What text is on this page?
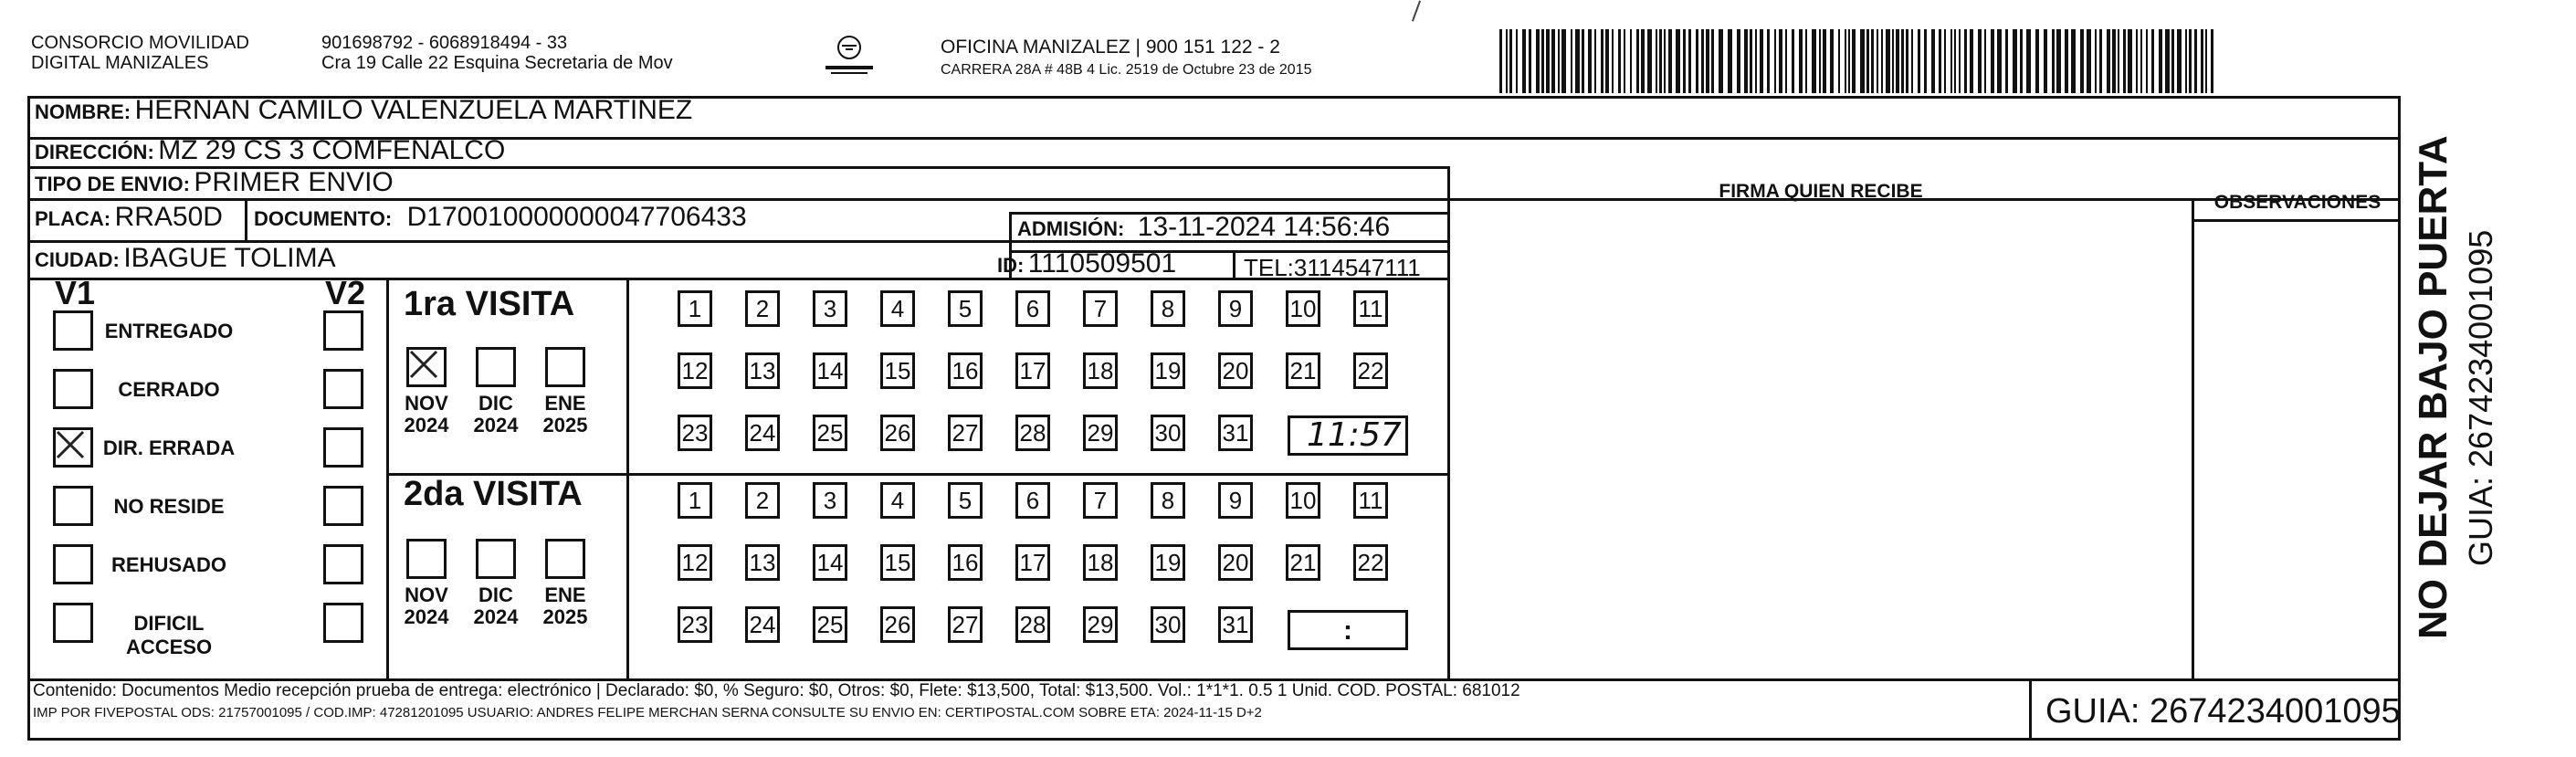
CONSORCIO MOVILIDAD
DIGITAL MANIZALES
901698792 - 6068918494 - 33
Cra 19 Calle 22 Esquina Secretaria de Mov
OFICINA MANIZALEZ | 900 151 122 - 2
CARRERA 28A # 48B 4 Lic. 2519 de Octubre 23 de 2015
NOMBRE: HERNAN CAMILO VALENZUELA MARTINEZ
DIRECCIÓN: MZ 29 CS 3 COMFENALCO
TIPO DE ENVIO: PRIMER ENVIO
PLACA: RRA50D DOCUMENTO: D170010000000047706433	ADMISIÓN: 13-11-2024 14:56:46
CIUDAD: IBAGUE TOLIMA	ID: 1110509501	TEL:3114547111
V1	V2
ENTREGADO
CERRADO
DIR. ERRADA
NO RESIDE
REHUSADO
DIFICIL ACCESO
1ra VISITA
2da VISITA
NOV
2024
DIC
2024
ENE
2025
NOV
2024
DIC
2024
ENE
2025
1	2	3	4	5	6	7	8	9	10 11
12 13 14 15 16 17 18 19 20 21 22
23 24 25 26 27 28 29 30 31
1	2	3	4	5	6	7	8	9	10 11
12 13 14 15 16 17 18 19 20 21 22
23 24 25 26 27 28 29 30 31
11:57
:
FIRMA QUIEN RECIBE
OBSERVACIONES NO DEJAR BAJO PUERTA GUIA: 2674234001095
Contenido: Documentos Medio recepción prueba de entrega: electrónico | Declarado: $0, % Seguro: $0, Otros: $0, Flete: $13,500, Total: $13,500. Vol.: 1*1*1. 0.5 1 Unid. COD. POSTAL: 681012
IMP POR FIVEPOSTAL ODS: 21757001095 / COD.IMP: 47281201095 USUARIO: ANDRES FELIPE MERCHAN SERNA CONSULTE SU ENVIO EN: CERTIPOSTAL.COM SOBRE ETA: 2024-11-15 D+2	GUIA: 2674234001095
